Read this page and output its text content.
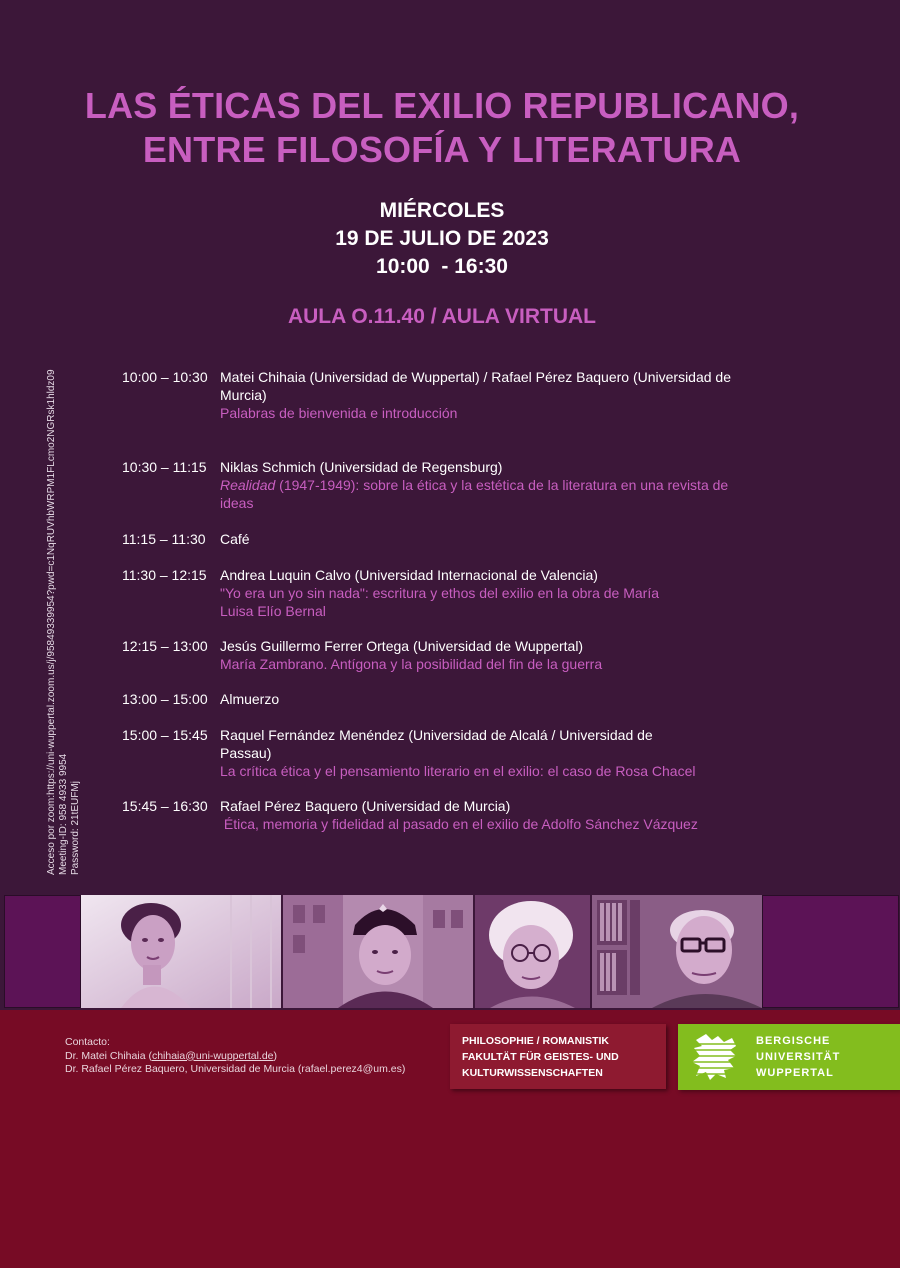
LAS ÉTICAS DEL EXILIO REPUBLICANO,
ENTRE FILOSOFÍA Y LITERATURA
MIÉRCOLES
19 DE JULIO DE 2023
10:00  - 16:30
AULA O.11.40 / AULA VIRTUAL
Acceso por zoom:https://uni-wuppertal.zoom.us/j/95849339954?pwd=c1NqRUVhbWRPM1FLcmo2NGRsk1hldz09 Meeting-ID: 958 4933 9954 Password: 21tEUFMj
10:00 – 10:30 Matei Chihaia (Universidad de Wuppertal) / Rafael Pérez Baquero (Universidad de Murcia)
Palabras de bienvenida e introducción
10:30 – 11:15 Niklas Schmich (Universidad de Regensburg)
Realidad (1947-1949): sobre la ética y la estética de la literatura en una revista de ideas
11:15 – 11:30 Café
11:30 – 12:15 Andrea Luquin Calvo (Universidad Internacional de Valencia)
"Yo era un yo sin nada": escritura y ethos del exilio en la obra de María Luisa Elío Bernal
12:15 – 13:00 Jesús Guillermo Ferrer Ortega (Universidad de Wuppertal)
María Zambrano. Antígona y la posibilidad del fin de la guerra
13:00 – 15:00 Almuerzo
15:00 – 15:45 Raquel Fernández Menéndez (Universidad de Alcalá / Universidad de Passau)
La crítica ética y el pensamiento literario en el exilio: el caso de Rosa Chacel
15:45 – 16:30 Rafael Pérez Baquero (Universidad de Murcia)
Ética, memoria y fidelidad al pasado en el exilio de Adolfo Sánchez Vázquez
Contacto:
Dr. Matei Chihaia (chihaia@uni-wuppertal.de)
Dr. Rafael Pérez Baquero, Universidad de Murcia (rafael.perez4@um.es)
PHILOSOPHIE / ROMANISTIK
FAKULTÄT FÜR GEISTES- UND
KULTURWISSENSCHAFTEN
BERGISCHE
UNIVERSITÄT
WUPPERTAL
